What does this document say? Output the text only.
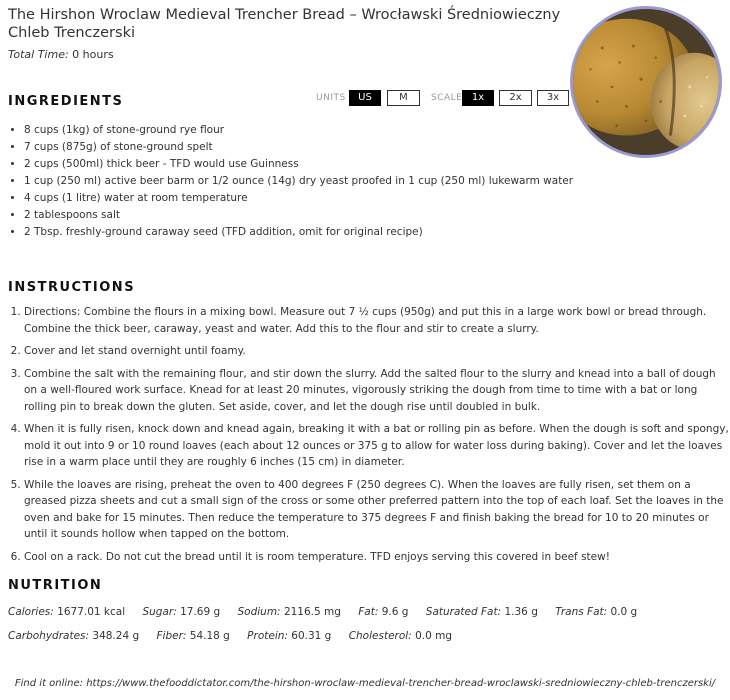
The Hirshon Wroclaw Medieval Trencher Bread – Wrocławski Średniowieczny Chleb Trenczerski
Total Time: 0 hours
INGREDIENTS	UNITS	US	M	SCALE 1x	2x	3x
• 8 cups (1kg) of stone-ground rye flour
• 7 cups (875g) of stone-ground spelt
• 2 cups (500ml) thick beer - TFD would use Guinness
• 1 cup (250 ml) active beer barm or 1/2 ounce (14g) dry yeast proofed in 1 cup (250 ml) lukewarm water
• 4 cups (1 litre) water at room temperature
• 2 tablespoons salt
• 2 Tbsp. freshly-ground caraway seed (TFD addition, omit for original recipe)
INSTRUCTIONS
1. Directions: Combine the flours in a mixing bowl. Measure out 7 ½ cups (950g) and put this in a large work bowl or bread through. Combine the thick beer, caraway, yeast and water. Add this to the flour and stir to create a slurry.
2. Cover and let stand overnight until foamy.
3. Combine the salt with the remaining flour, and stir down the slurry. Add the salted flour to the slurry and knead into a ball of dough on a well-floured work surface. Knead for at least 20 minutes, vigorously striking the dough from time to time with a bat or long rolling pin to break down the gluten. Set aside, cover, and let the dough rise until doubled in bulk.
4. When it is fully risen, knock down and knead again, breaking it with a bat or rolling pin as before. When the dough is soft and spongy, mold it out into 9 or 10 round loaves (each about 12 ounces or 375 g to allow for water loss during baking). Cover and let the loaves rise in a warm place until they are roughly 6 inches (15 cm) in diameter.
5. While the loaves are rising, preheat the oven to 400 degrees F (250 degrees C). When the loaves are fully risen, set them on a greased pizza sheets and cut a small sign of the cross or some other preferred pattern into the top of each loaf. Set the loaves in the oven and bake for 15 minutes. Then reduce the temperature to 375 degrees F and finish baking the bread for 10 to 20 minutes or until it sounds hollow when tapped on the bottom.
6. Cool on a rack. Do not cut the bread until it is room temperature. TFD enjoys serving this covered in beef stew!
NUTRITION
Calories: 1677.01 kcal Sugar: 17.69 g Sodium: 2116.5 mg Fat: 9.6 g Saturated Fat: 1.36 g Trans Fat: 0.0 g Carbohydrates: 348.24 g Fiber: 54.18 g Protein: 60.31 g Cholesterol: 0.0 mg
Find it online: https://www.thefooddictator.com/the-hirshon-wroclaw-medieval-trencher-bread-wroclawski-sredniowieczny-chleb-trenczerski/
